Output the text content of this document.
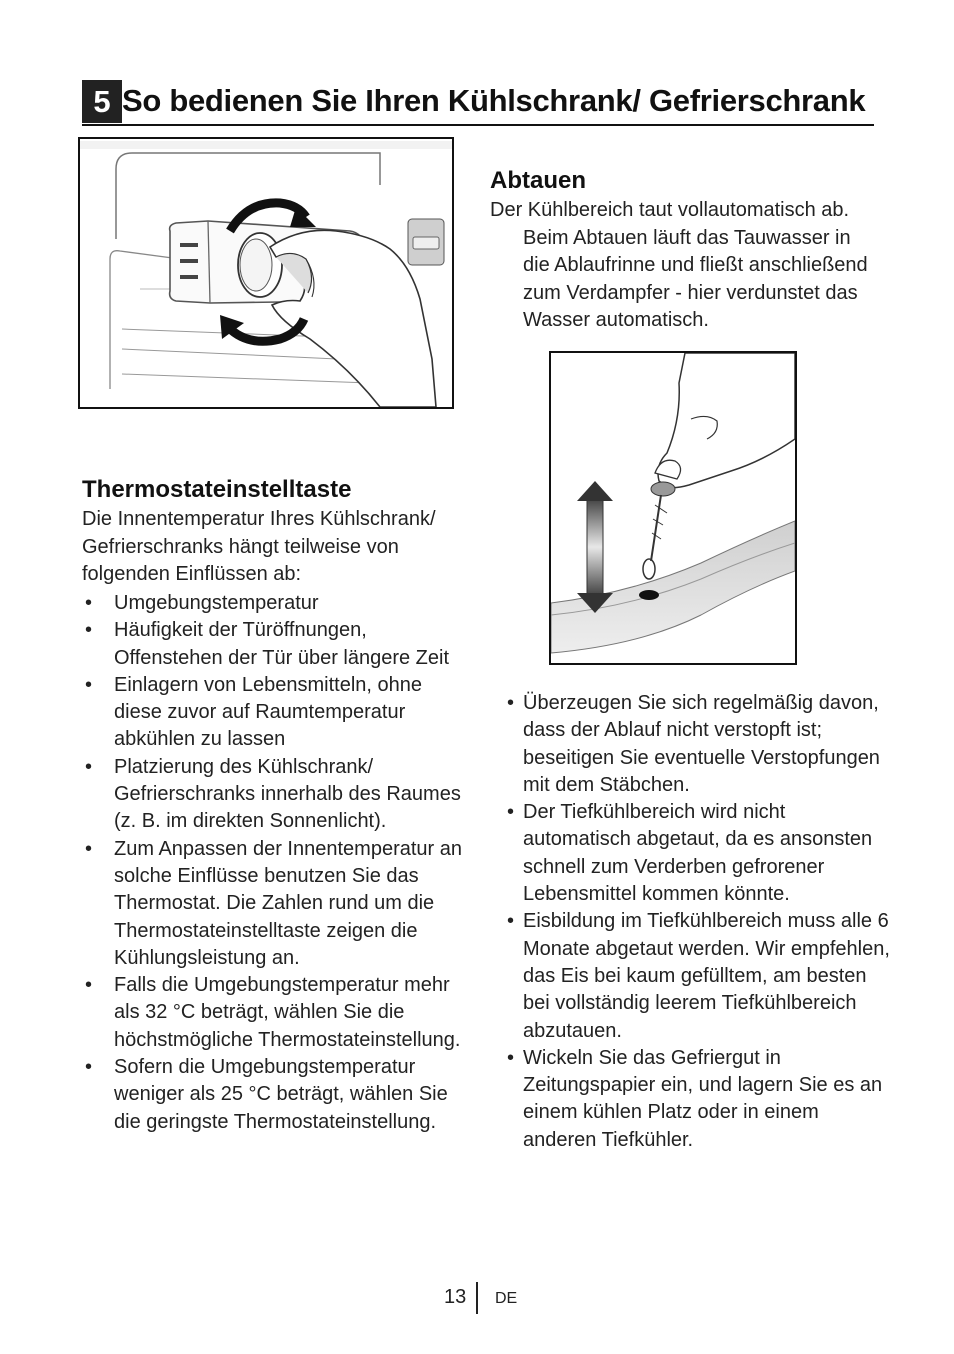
5 So bedienen Sie Ihren Kühlschrank/ Gefrierschrank
Abtauen

Der Kühlbereich taut vollautomatisch ab.
Beim Abtauen läuft das Tauwasser in die Ablaufrinne und fließt anschließend zum Verdampfer - hier verdunstet das Wasser automatisch.

Thermostateinstelltaste

Die Innentemperatur Ihres Kühlschrank/ Gefrierschranks hängt teilweise von folgenden Einflüssen ab:

• Umgebungstemperatur
• Häufigkeit der Türöffnungen, Offenstehen der Tür über längere Zeit
• Einlagern von Lebensmitteln, ohne diese zuvor auf Raumtemperatur abkühlen zu lassen
• Platzierung des Kühlschrank/ Gefrierschranks innerhalb des Raumes (z. B. im direkten Sonnenlicht).
• Zum Anpassen der Innentemperatur an solche Einflüsse benutzen Sie das Thermostat. Die Zahlen rund um die Thermostateinstelltaste zeigen die Kühlungsleistung an.
• Falls die Umgebungstemperatur mehr als 32 °C beträgt, wählen Sie die höchstmögliche Thermostateinstellung.
• Sofern die Umgebungstemperatur weniger als 25 °C beträgt, wählen Sie die geringste Thermostateinstellung.
• Überzeugen Sie sich regelmäßig davon, dass der Ablauf nicht verstopft ist; beseitigen Sie eventuelle Verstopfungen mit dem Stäbchen.
• Der Tiefkühlbereich wird nicht automatisch abgetaut, da es ansonsten schnell zum Verderben gefrorener Lebensmittel kommen könnte.
• Eisbildung im Tiefkühlbereich muss alle 6 Monate abgetaut werden. Wir empfehlen, das Eis bei kaum gefülltem, am besten bei vollständig leerem Tiefkühlbereich abzutauen.
• Wickeln Sie das Gefriergut in Zeitungspapier ein, und lagern Sie es an einem kühlen Platz oder in einem anderen Tiefkühler.
13 DE
